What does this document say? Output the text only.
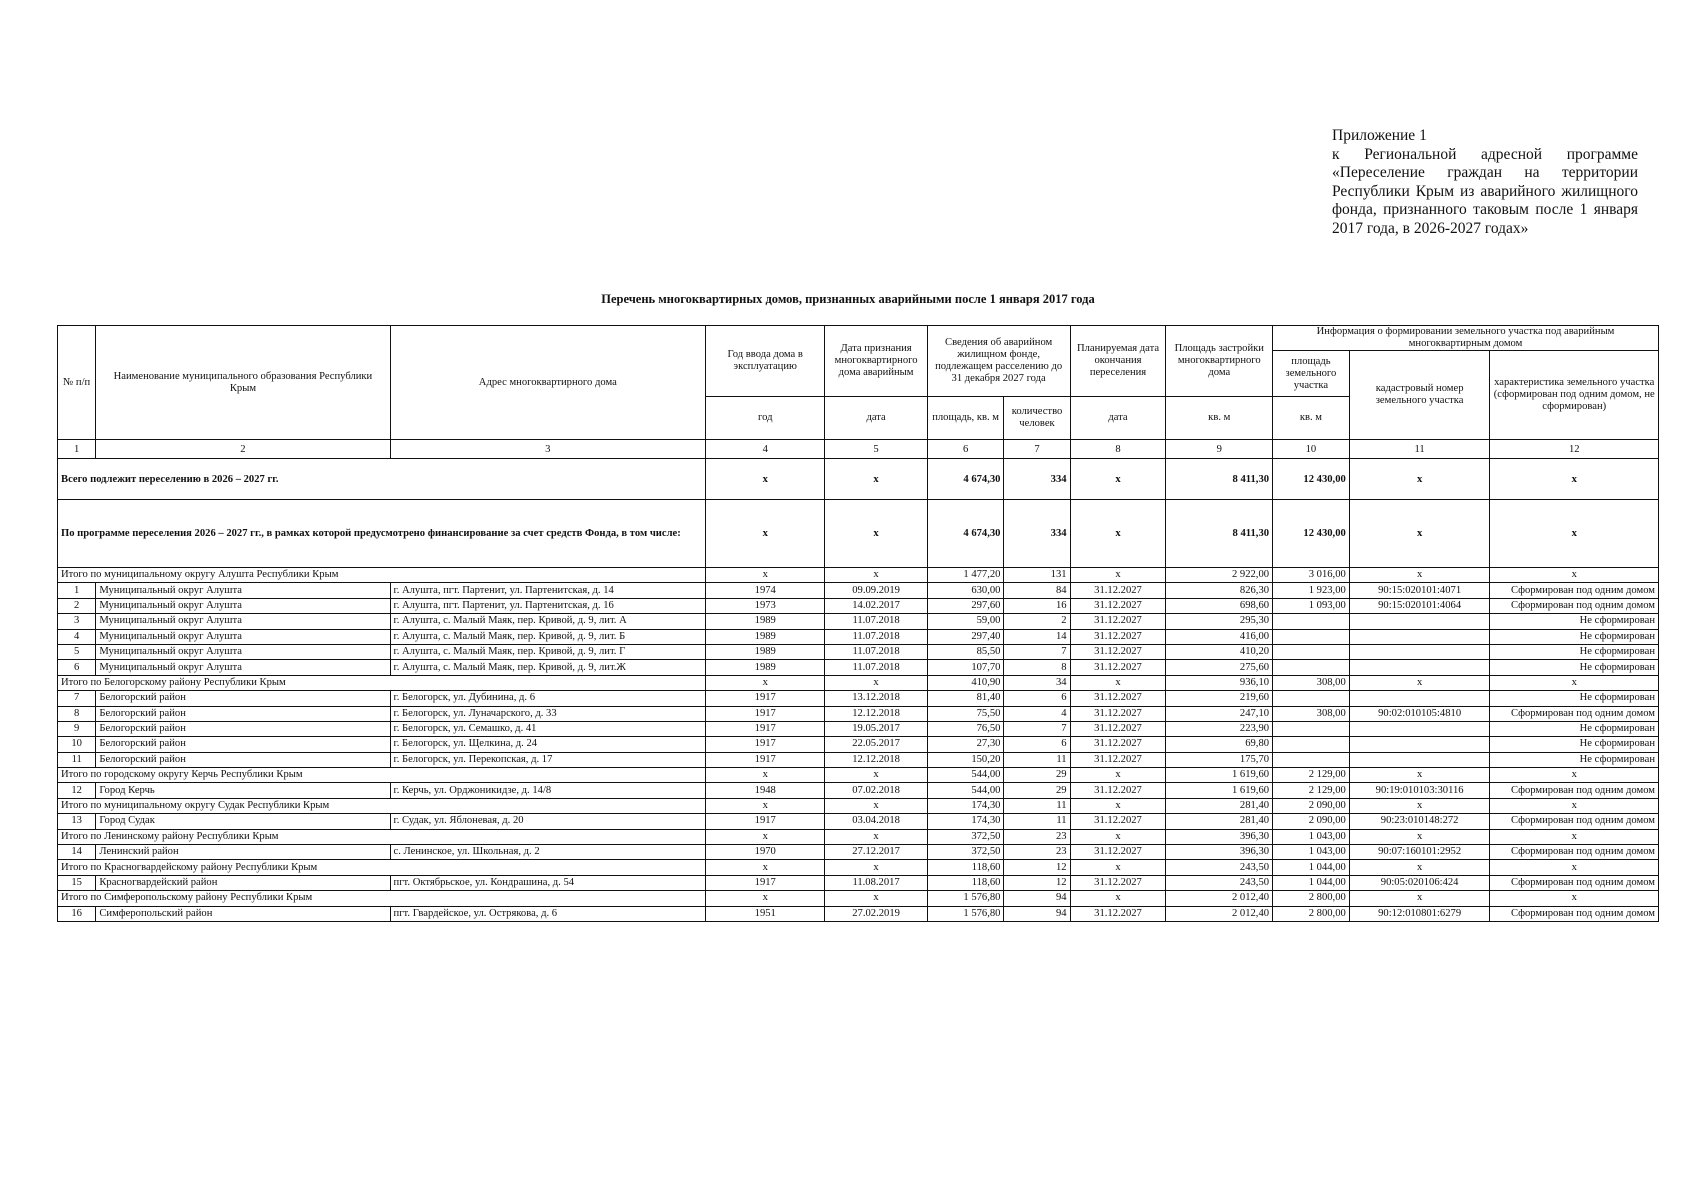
Приложение 1
к Региональной адресной программе «Переселение граждан на территории Республики Крым из аварийного жилищного фонда, признанного таковым после 1 января 2017 года, в 2026-2027 годах»
Перечень многоквартирных домов, признанных аварийными после 1 января 2017 года
№ п/п	Наименование муниципального образования Республики Крым	Адрес многоквартирного дома	Год ввода дома в эксплуатацию	Дата признания многоквартирного дома аварийным	Сведения об аварийном жилищном фонде, подлежащем расселению до 31 декабря 2027 года		Планируемая дата окончания переселения	Площадь застройки многоквартирного дома	Информация о формировании земельного участка под аварийным многоквартирным домом		
									площадь земельного участка	кадастровый номер земельного участка	характеристика земельного участка (сформирован под одним домом, не сформирован)
			год	дата	площадь, кв. м	количество человек	дата	кв. м	кв. м		
1	2	3	4	5	6	7	8	9	10	11	12
Всего подлежит переселению в 2026 – 2027 гг.			x	x	4 674,30	334	x	8 411,30	12 430,00	x	x
По программе переселения 2026 – 2027 гг., в рамках которой предусмотрено финансирование за счет средств Фонда, в том числе:			x	x	4 674,30	334	x	8 411,30	12 430,00	x	x
Итого по муниципальному округу Алушта Республики Крым			x	x	1 477,20	131	x	2 922,00	3 016,00	x	x
1	Муниципальный округ Алушта	г. Алушта, пгт. Партенит, ул. Партенитская, д. 14	1974	09.09.2019	630,00	84	31.12.2027	826,30	1 923,00	90:15:020101:4071	Сформирован под одним домом
2	Муниципальный округ Алушта	г. Алушта, пгт. Партенит, ул. Партенитская, д. 16	1973	14.02.2017	297,60	16	31.12.2027	698,60	1 093,00	90:15:020101:4064	Сформирован под одним домом
3	Муниципальный округ Алушта	г. Алушта, с. Малый Маяк, пер. Кривой, д. 9, лит. А	1989	11.07.2018	59,00	2	31.12.2027	295,30			Не сформирован
4	Муниципальный округ Алушта	г. Алушта, с. Малый Маяк, пер. Кривой, д. 9, лит. Б	1989	11.07.2018	297,40	14	31.12.2027	416,00			Не сформирован
5	Муниципальный округ Алушта	г. Алушта, с. Малый Маяк, пер. Кривой, д. 9, лит. Г	1989	11.07.2018	85,50	7	31.12.2027	410,20			Не сформирован
6	Муниципальный округ Алушта	г. Алушта, с. Малый Маяк, пер. Кривой, д. 9, лит.Ж	1989	11.07.2018	107,70	8	31.12.2027	275,60			Не сформирован
Итого по Белогорскому району Республики Крым			x	x	410,90	34	x	936,10	308,00	x	x
7	Белогорский район	г. Белогорск, ул. Дубинина, д. 6	1917	13.12.2018	81,40	6	31.12.2027	219,60			Не сформирован
8	Белогорский район	г. Белогорск, ул. Луначарского, д. 33	1917	12.12.2018	75,50	4	31.12.2027	247,10	308,00	90:02:010105:4810	Сформирован под одним домом
9	Белогорский район	г. Белогорск, ул. Семашко, д. 41	1917	19.05.2017	76,50	7	31.12.2027	223,90			Не сформирован
10	Белогорский район	г. Белогорск, ул. Щелкина, д. 24	1917	22.05.2017	27,30	6	31.12.2027	69,80			Не сформирован
11	Белогорский район	г. Белогорск, ул. Перекопская, д. 17	1917	12.12.2018	150,20	11	31.12.2027	175,70			Не сформирован
Итого по городскому округу Керчь Республики Крым			x	x	544,00	29	x	1 619,60	2 129,00	x	x
12	Город Керчь	г. Керчь, ул. Орджоникидзе, д. 14/8	1948	07.02.2018	544,00	29	31.12.2027	1 619,60	2 129,00	90:19:010103:30116	Сформирован под одним домом
Итого по муниципальному округу Судак Республики Крым			x	x	174,30	11	x	281,40	2 090,00	x	x
13	Город Судак	г. Судак, ул. Яблоневая, д. 20	1917	03.04.2018	174,30	11	31.12.2027	281,40	2 090,00	90:23:010148:272	Сформирован под одним домом
Итого по Ленинскому району Республики Крым			x	x	372,50	23	x	396,30	1 043,00	x	x
14	Ленинский район	с. Ленинское, ул. Школьная, д. 2	1970	27.12.2017	372,50	23	31.12.2027	396,30	1 043,00	90:07:160101:2952	Сформирован под одним домом
Итого по Красногвардейскому району Республики Крым			x	x	118,60	12	x	243,50	1 044,00	x	x
15	Красногвардейский район	пгт. Октябрьское, ул. Кондрашина, д. 54	1917	11.08.2017	118,60	12	31.12.2027	243,50	1 044,00	90:05:020106:424	Сформирован под одним домом
Итого по Симферопольскому району Республики Крым			x	x	1 576,80	94	x	2 012,40	2 800,00	x	x
16	Симферопольский район	пгт. Гвардейское, ул. Острякова, д. 6	1951	27.02.2019	1 576,80	94	31.12.2027	2 012,40	2 800,00	90:12:010801:6279	Сформирован под одним домом
